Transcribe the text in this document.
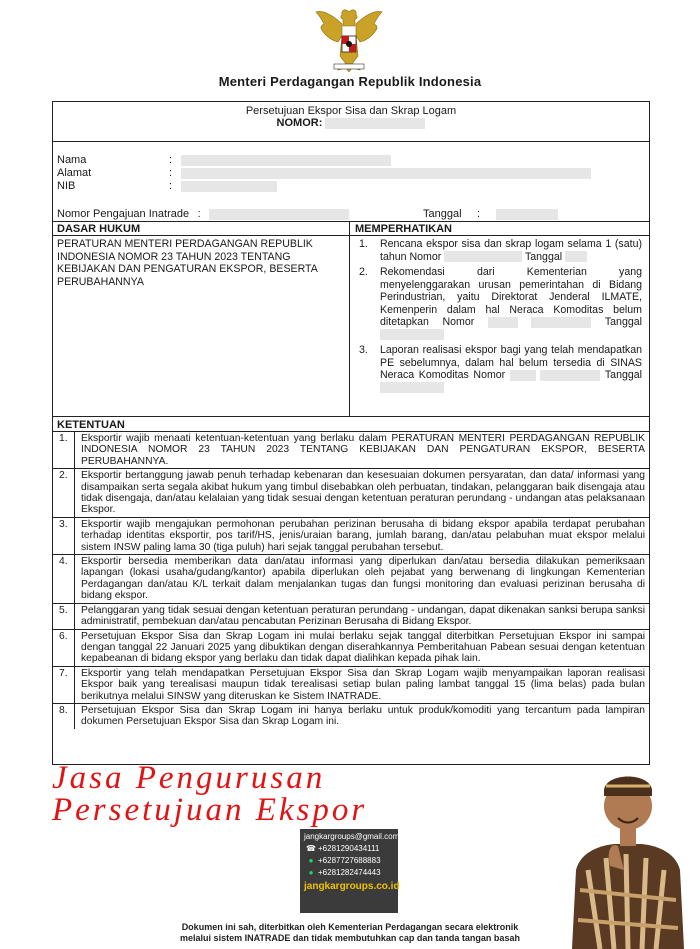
Menteri Perdagangan Republik Indonesia
Persetujuan Ekspor Sisa dan Skrap Logam
NOMOR:
Nama	:
Alamat	:
NIB	:
Nomor Pengajuan Inatrade :	Tanggal :
DASAR HUKUM	MEMPERHATIKAN
PERATURAN MENTERI PERDAGANGAN REPUBLIK INDONESIA NOMOR 23 TAHUN 2023 TENTANG KEBIJAKAN DAN PENGATURAN EKSPOR, BESERTA PERUBAHANNYA
1. Rencana ekspor sisa dan skrap logam selama 1 (satu) tahun Nomor	Tanggal
2. Rekomendasi dari Kementerian yang menyelenggarakan urusan pemerintahan di Bidang Perindustrian, yaitu Direktorat Jenderal ILMATE, Kemenperin dalam hal Neraca Komoditas belum ditetapkan Nomor	Tanggal
3. Laporan realisasi ekspor bagi yang telah mendapatkan PE sebelumnya, dalam hal belum tersedia di SINAS Neraca Komoditas Nomor	Tanggal
KETENTUAN
1.	Eksportir wajib menaati ketentuan-ketentuan yang berlaku dalam PERATURAN MENTERI PERDAGANGAN REPUBLIK INDONESIA NOMOR 23 TAHUN 2023 TENTANG KEBIJAKAN DAN PENGATURAN EKSPOR, BESERTA PERUBAHANNYA.
2.	Eksportir bertanggung jawab penuh terhadap kebenaran dan kesesuaian dokumen persyaratan, dan data/ informasi yang disampaikan serta segala akibat hukum yang timbul disebabkan oleh perbuatan, tindakan, pelanggaran baik disengaja atau tidak disengaja, dan/atau kelalaian yang tidak sesuai dengan ketentuan peraturan perundang - undangan atas pelaksanaan Ekspor.
3.	Eksportir wajib mengajukan permohonan perubahan perizinan berusaha di bidang ekspor apabila terdapat perubahan terhadap identitas eksportir, pos tarif/HS, jenis/uraian barang, jumlah barang, dan/atau pelabuhan muat ekspor melalui sistem INSW paling lama 30 (tiga puluh) hari sejak tanggal perubahan tersebut.
4.	Eksportir bersedia memberikan data dan/atau informasi yang diperlukan dan/atau bersedia dilakukan pemeriksaan lapangan (lokasi usaha/gudang/kantor) apabila diperlukan oleh pejabat yang berwenang di lingkungan Kementerian Perdagangan dan/atau K/L terkait dalam menjalankan tugas dan fungsi monitoring dan evaluasi perizinan berusaha di bidang ekspor.
5.	Pelanggaran yang tidak sesuai dengan ketentuan peraturan perundang - undangan, dapat dikenakan sanksi berupa sanksi administratif, pembekuan dan/atau pencabutan Perizinan Berusaha di Bidang Ekspor.
6.	Persetujuan Ekspor Sisa dan Skrap Logam ini mulai berlaku sejak tanggal diterbitkan Persetujuan Ekspor ini sampai dengan tanggal 22 Januari 2025 yang dibuktikan dengan diserahkannya Pemberitahuan Pabean sesuai dengan ketentuan kepabeanan di bidang ekspor yang berlaku dan tidak dapat dialihkan kepada pihak lain.
7.	Eksportir yang telah mendapatkan Persetujuan Ekspor Sisa dan Skrap Logam wajib menyampaikan laporan realisasi Ekspor baik yang terealisasi maupun tidak terealisasi setiap bulan paling lambat tanggal 15 (lima belas) pada bulan berikutnya melalui SINSW yang diteruskan ke Sistem INATRADE.
8.	Persetujuan Ekspor Sisa dan Skrap Logam ini hanya berlaku untuk produk/komoditi yang tercantum pada lampiran dokumen Persetujuan Ekspor Sisa dan Skrap Logam ini.
Jasa Pengurusan
Persetujuan Ekspor
jangkargroups@gmail.com
☎ +6281290434111
● +6287727688883
● +6281282474443
jangkargroups.co.id
Dokumen ini sah, diterbitkan oleh Kementerian Perdagangan secara elektronik
melalui sistem INATRADE dan tidak membutuhkan cap dan tanda tangan basah
